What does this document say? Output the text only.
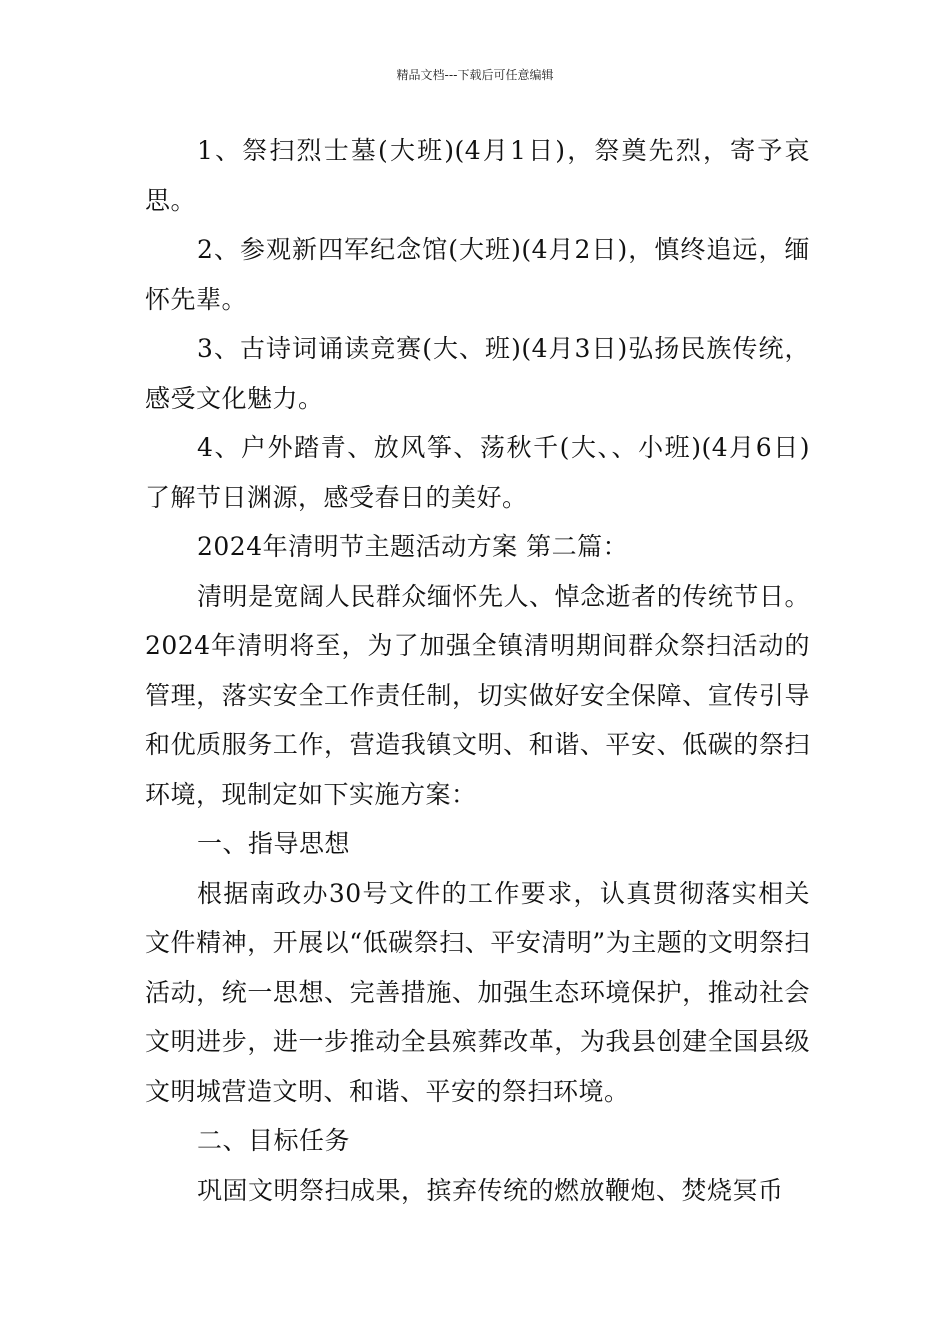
精品文档---下载后可任意编辑

1、祭扫烈士墓(大班)(4月1日)，祭奠先烈，寄予哀思。

2、参观新四军纪念馆(大班)(4月2日)，慎终追远，缅怀先辈。

3、古诗词诵读竞赛(大、班)(4月3日)弘扬民族传统，感受文化魅力。

4、户外踏青、放风筝、荡秋千(大、、小班)(4月6日)了解节日渊源，感受春日的美好。

2024年清明节主题活动方案 第二篇：

清明是宽阔人民群众缅怀先人、悼念逝者的传统节日。2024年清明将至，为了加强全镇清明期间群众祭扫活动的管理，落实安全工作责任制，切实做好安全保障、宣传引导和优质服务工作，营造我镇文明、和谐、平安、低碳的祭扫环境，现制定如下实施方案：

一、指导思想

根据南政办30号文件的工作要求，认真贯彻落实相关文件精神，开展以“低碳祭扫、平安清明”为主题的文明祭扫活动，统一思想、完善措施、加强生态环境保护，推动社会文明进步，进一步推动全县殡葬改革，为我县创建全国县级文明城营造文明、和谐、平安的祭扫环境。

二、目标任务

巩固文明祭扫成果，摈弃传统的燃放鞭炮、焚烧冥币
